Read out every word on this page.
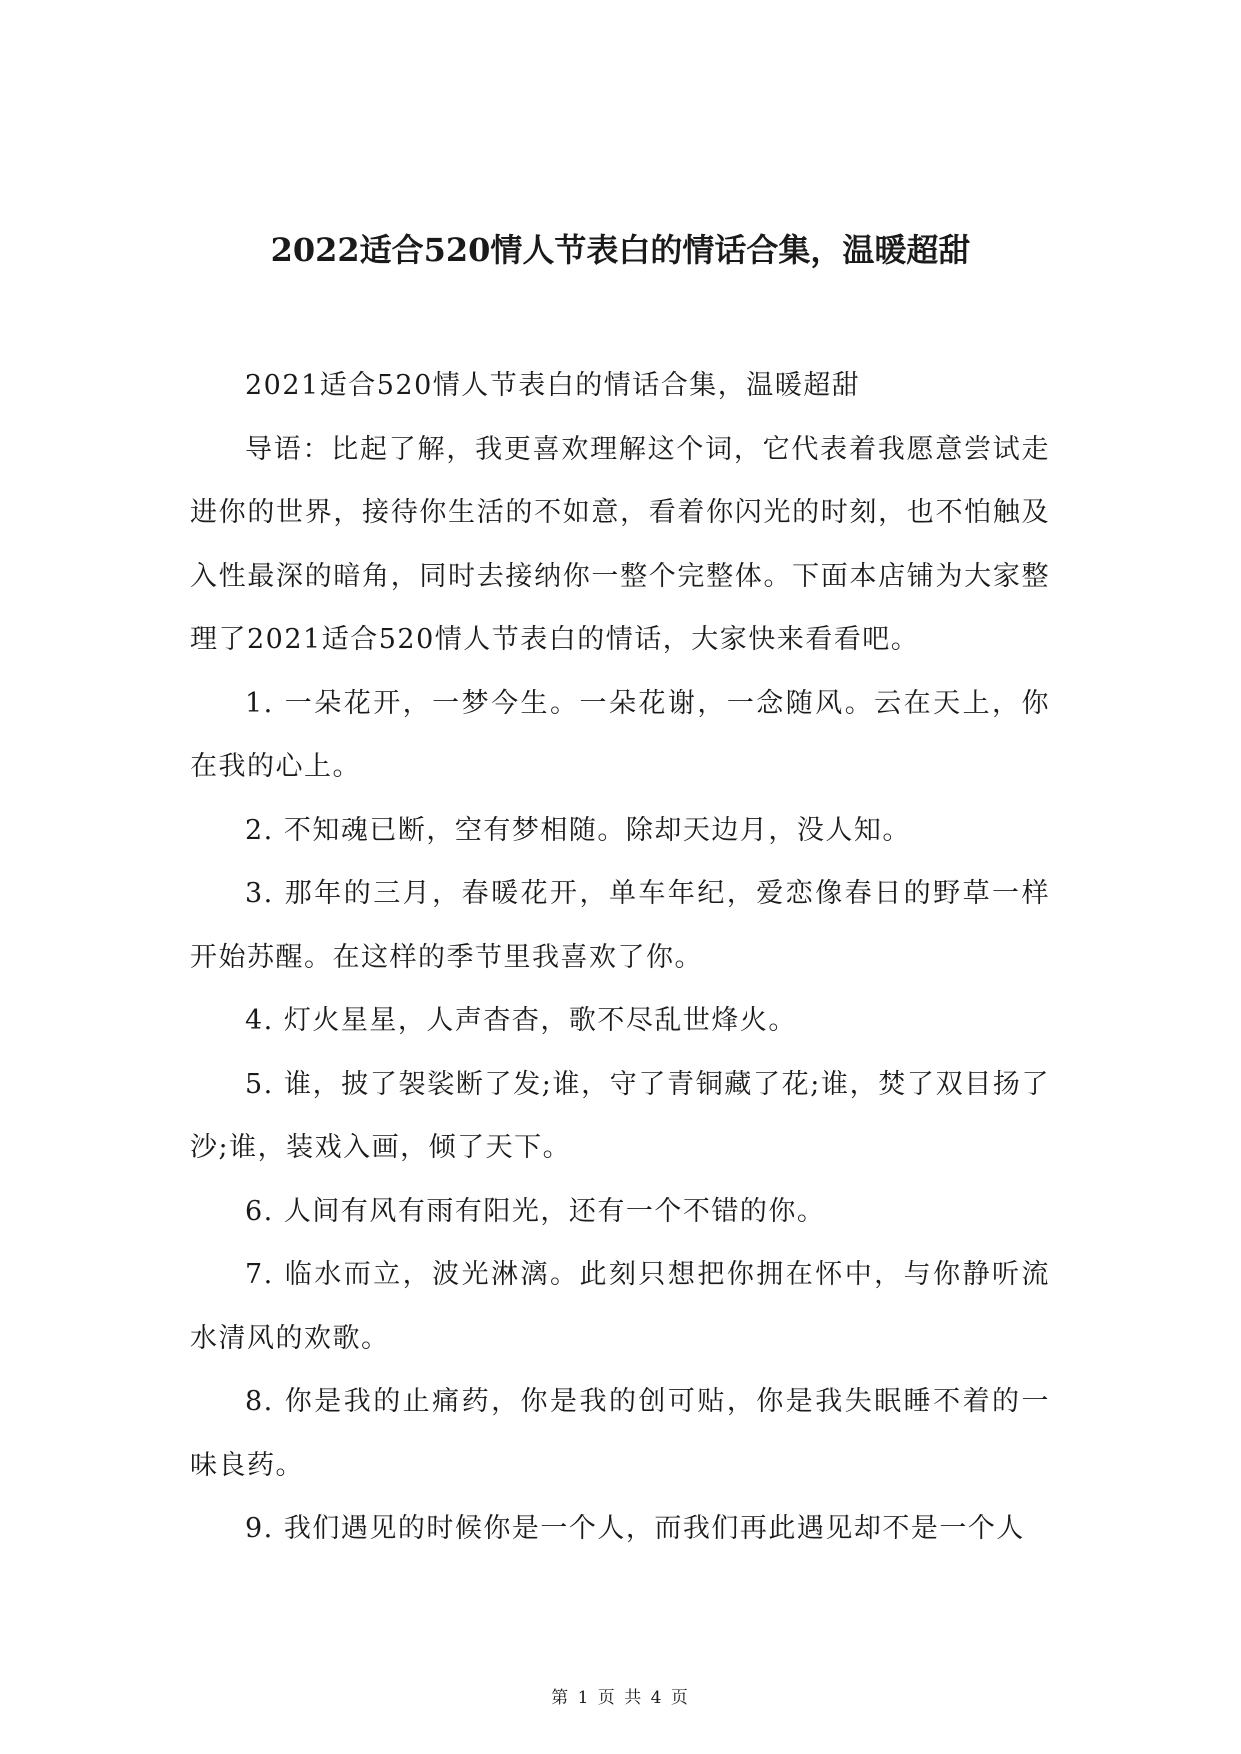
2022适合520情人节表白的情话合集，温暖超甜

2021适合520情人节表白的情话合集，温暖超甜

导语：比起了解，我更喜欢理解这个词，它代表着我愿意尝试走进你的世界，接待你生活的不如意，看着你闪光的时刻，也不怕触及入性最深的暗角，同时去接纳你一整个完整体。下面本店铺为大家整理了2021适合520情人节表白的情话，大家快来看看吧。

1. 一朵花开，一梦今生。一朵花谢，一念随风。云在天上，你在我的心上。

2. 不知魂已断，空有梦相随。除却天边月，没人知。

3. 那年的三月，春暖花开，单车年纪，爱恋像春日的野草一样开始苏醒。在这样的季节里我喜欢了你。

4. 灯火星星，人声杳杳，歌不尽乱世烽火。

5. 谁，披了袈裟断了发;谁，守了青铜藏了花;谁，焚了双目扬了沙;谁，装戏入画，倾了天下。

6. 人间有风有雨有阳光，还有一个不错的你。

7. 临水而立，波光淋漓。此刻只想把你拥在怀中，与你静听流水清风的欢歌。

8. 你是我的止痛药，你是我的创可贴，你是我失眠睡不着的一味良药。

9. 我们遇见的时候你是一个人，而我们再此遇见却不是一个人

第 1 页 共 4 页
